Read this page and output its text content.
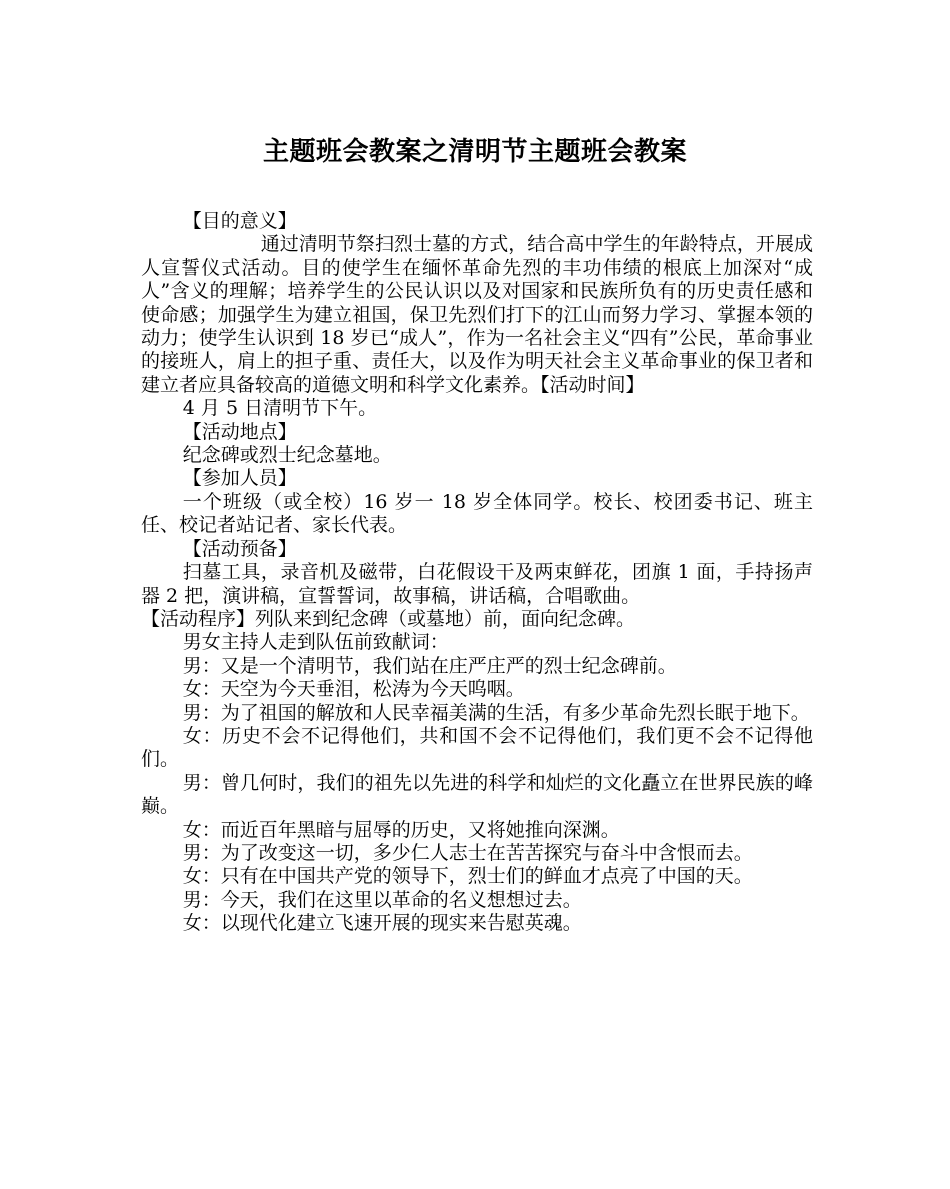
主题班会教案之清明节主题班会教案

【目的意义】

通过清明节祭扫烈士墓的方式，结合高中学生的年龄特点，开展成人宣誓仪式活动。目的使学生在缅怀革命先烈的丰功伟绩的根底上加深对“成人”含义的理解；培养学生的公民认识以及对国家和民族所负有的历史责任感和使命感；加强学生为建立祖国，保卫先烈们打下的江山而努力学习、掌握本领的动力；使学生认识到 18 岁已“成人”，作为一名社会主义“四有”公民，革命事业的接班人，肩上的担子重、责任大，以及作为明天社会主义革命事业的保卫者和建立者应具备较高的道德文明和科学文化素养。【活动时间】

4 月 5 日清明节下午。

【活动地点】

纪念碑或烈士纪念墓地。

【参加人员】

一个班级（或全校）16 岁一 18 岁全体同学。校长、校团委书记、班主任、校记者站记者、家长代表。

【活动预备】

扫墓工具，录音机及磁带，白花假设干及两束鲜花，团旗 1 面，手持扬声器 2 把，演讲稿，宣誓誓词，故事稿，讲话稿，合唱歌曲。

【活动程序】列队来到纪念碑（或墓地）前，面向纪念碑。

男女主持人走到队伍前致献词：

男：又是一个清明节，我们站在庄严庄严的烈士纪念碑前。

女：天空为今天垂泪，松涛为今天呜咽。

男：为了祖国的解放和人民幸福美满的生活，有多少革命先烈长眠于地下。

女：历史不会不记得他们，共和国不会不记得他们，我们更不会不记得他们。

男：曾几何时，我们的祖先以先进的科学和灿烂的文化矗立在世界民族的峰巅。

女：而近百年黑暗与屈辱的历史，又将她推向深渊。

男：为了改变这一切，多少仁人志士在苦苦探究与奋斗中含恨而去。

女：只有在中国共产党的领导下，烈士们的鲜血才点亮了中国的天。

男：今天，我们在这里以革命的名义想想过去。

女：以现代化建立飞速开展的现实来告慰英魂。
